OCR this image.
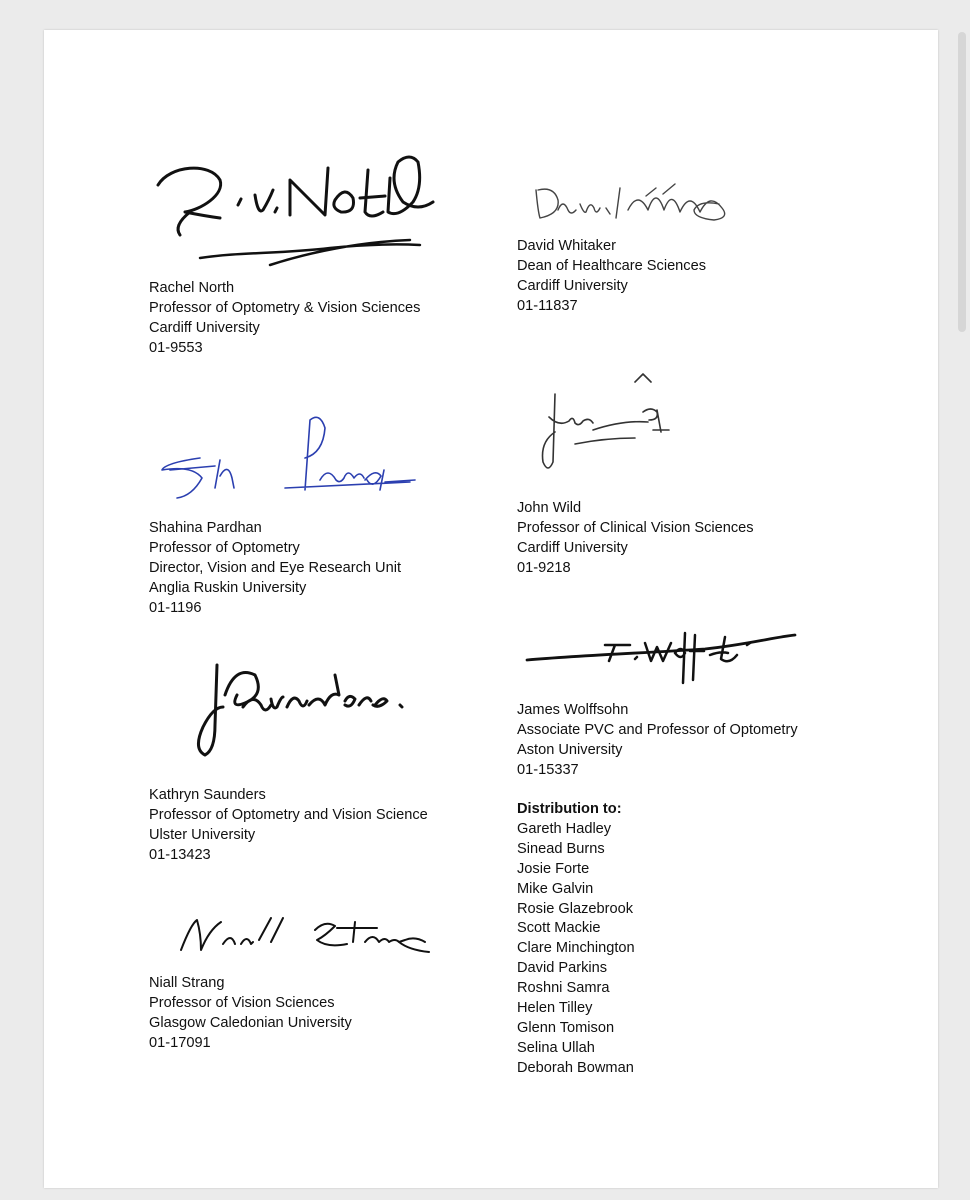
Rachel North
Professor of Optometry & Vision Sciences
Cardiff University
01-9553
Shahina Pardhan
Professor of Optometry
Director, Vision and Eye Research Unit
Anglia Ruskin University
01-1196
Kathryn Saunders
Professor of Optometry and Vision Science
Ulster University
01-13423
Niall Strang
Professor of Vision Sciences
Glasgow Caledonian University
01-17091
David Whitaker
Dean of Healthcare Sciences
Cardiff University
01-11837
John Wild
Professor of Clinical Vision Sciences
Cardiff University
01-9218
James Wolffsohn
Associate PVC and Professor of Optometry
Aston University
01-15337
Distribution to:
Gareth Hadley
Sinead Burns
Josie Forte
Mike Galvin
Rosie Glazebrook
Scott Mackie
Clare Minchington
David Parkins
Roshni Samra
Helen Tilley
Glenn Tomison
Selina Ullah
Deborah Bowman
